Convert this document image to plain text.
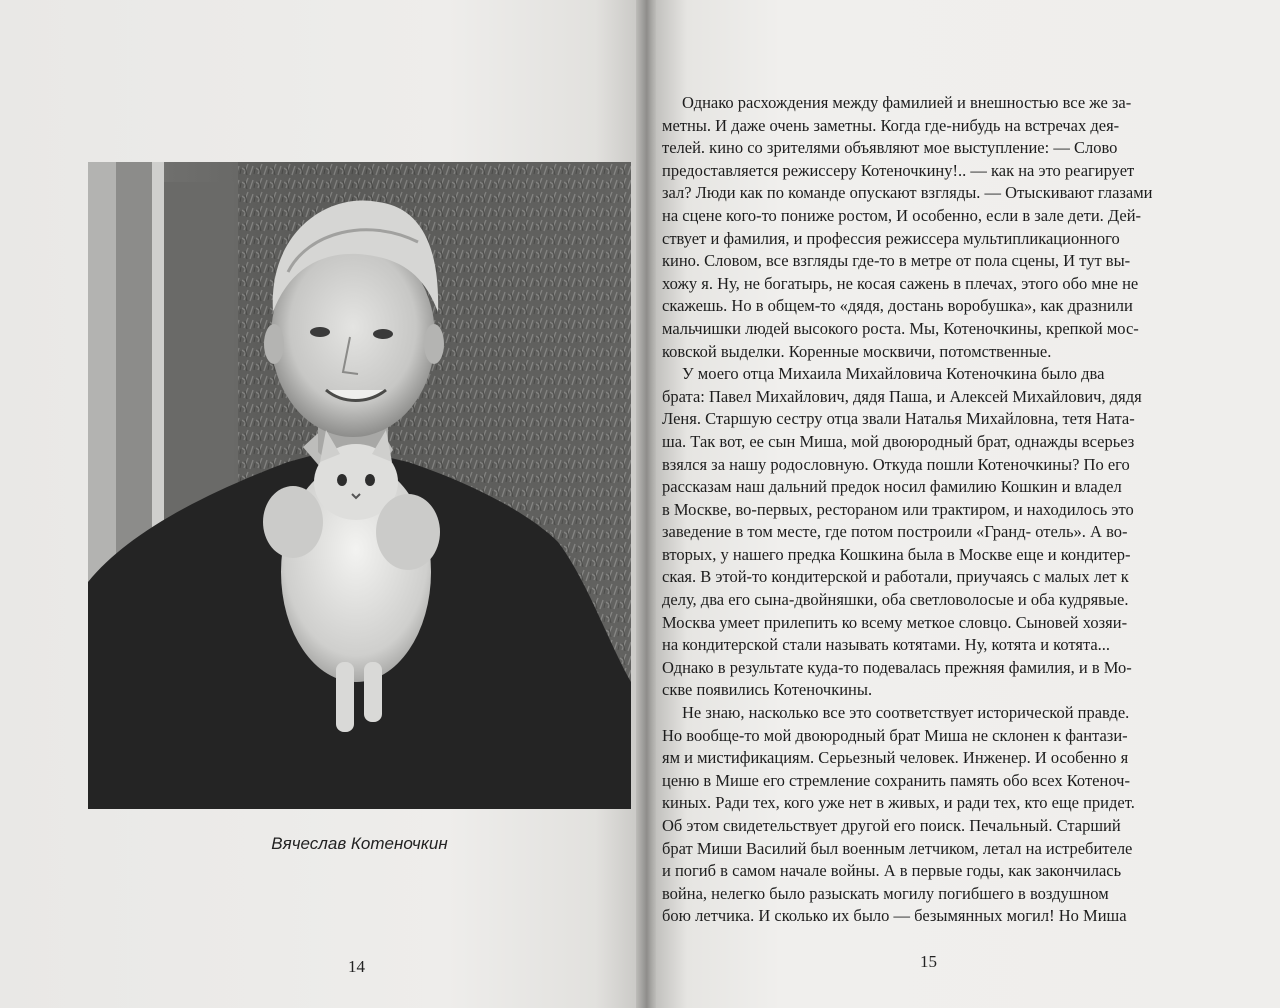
Вячеслав Котеночкин
14
Однако расхождения между фамилией и внешностью все же за-
метны. И даже очень заметны. Когда где-нибудь на встречах дея-
телей. кино со зрителями объявляют мое выступление: — Слово
предоставляется режиссеру Котеночкину!.. — как на это реагирует
зал? Люди как по команде опускают взгляды. — Отыскивают глазами
на сцене кого-то пониже ростом, И особенно, если в зале дети. Дей-
ствует и фамилия, и профессия режиссера мультипликационного
кино. Словом, все взгляды где-то в метре от пола сцены, И тут вы-
хожу я. Ну, не богатырь, не косая сажень в плечах, этого обо мне не
скажешь. Но в общем-то «дядя, достань воробушка», как дразнили
мальчишки людей высокого роста. Мы, Котеночкины, крепкой мос-
ковской выделки. Коренные москвичи, потомственные.
У моего отца Михаила Михайловича Котеночкина было два
брата: Павел Михайлович, дядя Паша, и Алексей Михайлович, дядя
Леня. Старшую сестру отца звали Наталья Михайловна, тетя Ната-
ша. Так вот, ее сын Миша, мой двоюродный брат, однажды всерьез
взялся за нашу родословную. Откуда пошли Котеночкины? По его
рассказам наш дальний предок носил фамилию Кошкин и владел
в Москве, во-первых, рестораном или трактиром, и находилось это
заведение в том месте, где потом построили «Гранд- отель». А во-
вторых, у нашего предка Кошкина была в Москве еще и кондитер-
ская. В этой-то кондитерской и работали, приучаясь с малых лет к
делу, два его сына-двойняшки, оба светловолосые и оба кудрявые.
Москва умеет прилепить ко всему меткое словцо. Сыновей хозяи-
на кондитерской стали называть котятами. Ну, котята и котята...
Однако в результате куда-то подевалась прежняя фамилия, и в Мо-
скве появились Котеночкины.
Не знаю, насколько все это соответствует исторической правде.
Но вообще-то мой двоюродный брат Миша не склонен к фантази-
ям и мистификациям. Серьезный человек. Инженер. И особенно я
ценю в Мише его стремление сохранить память обо всех Котеноч-
киных. Ради тех, кого уже нет в живых, и ради тех, кто еще придет.
Об этом свидетельствует другой его поиск. Печальный. Старший
брат Миши Василий был военным летчиком, летал на истребителе
и погиб в самом начале войны. А в первые годы, как закончилась
война, нелегко было разыскать могилу погибшего в воздушном
бою летчика. И сколько их было — безымянных могил! Но Миша
15
